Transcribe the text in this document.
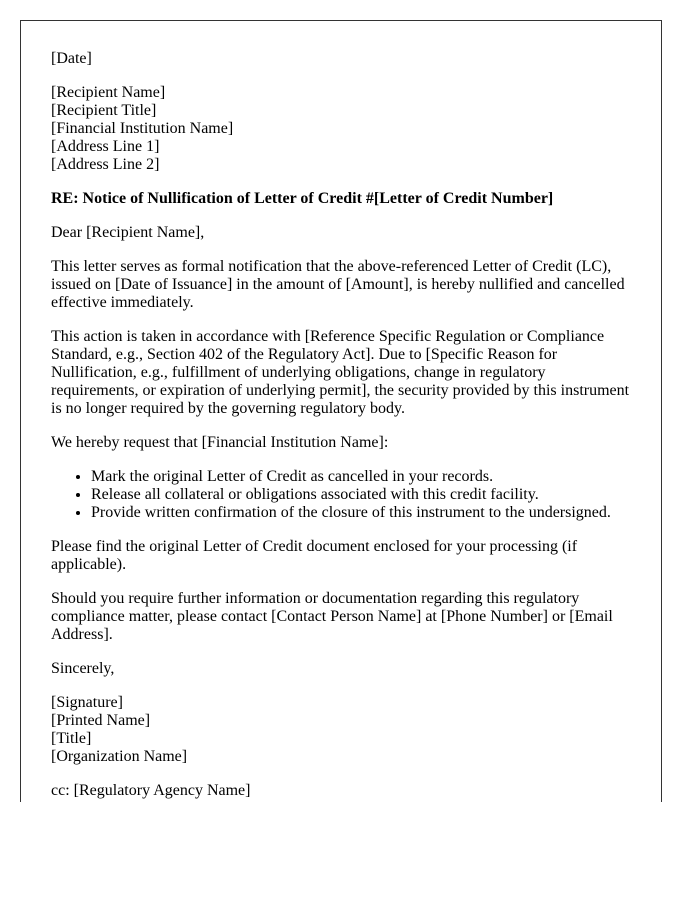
[Date]
[Recipient Name]
[Recipient Title]
[Financial Institution Name]
[Address Line 1]
[Address Line 2]

RE: Notice of Nullification of Letter of Credit #[Letter of Credit Number]

Dear [Recipient Name],

This letter serves as formal notification that the above-referenced Letter of Credit (LC), issued on [Date of Issuance] in the amount of [Amount], is hereby nullified and cancelled effective immediately.

This action is taken in accordance with [Reference Specific Regulation or Compliance Standard, e.g., Section 402 of the Regulatory Act]. Due to [Specific Reason for Nullification, e.g., fulfillment of underlying obligations, change in regulatory requirements, or expiration of underlying permit], the security provided by this instrument is no longer required by the governing regulatory body.

We hereby request that [Financial Institution Name]:

• Mark the original Letter of Credit as cancelled in your records.
• Release all collateral or obligations associated with this credit facility.
• Provide written confirmation of the closure of this instrument to the undersigned.

Please find the original Letter of Credit document enclosed for your processing (if applicable).

Should you require further information or documentation regarding this regulatory compliance matter, please contact [Contact Person Name] at [Phone Number] or [Email Address].

Sincerely,

[Signature]
[Printed Name]
[Title]
[Organization Name]

cc: [Regulatory Agency Name]
